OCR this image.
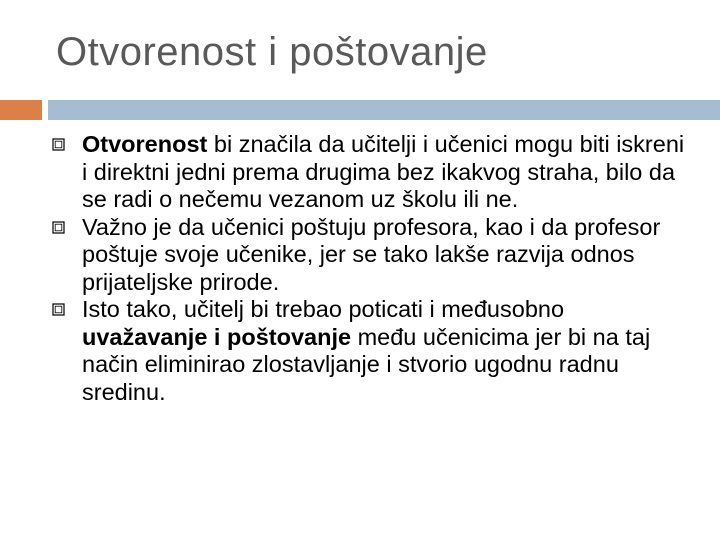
Otvorenost i poštovanje
Otvorenost bi značila da učitelji i učenici mogu biti iskreni i direktni jedni prema drugima bez ikakvog straha, bilo da se radi o nečemu vezanom uz školu ili ne.
Važno je da učenici poštuju profesora, kao i da profesor poštuje svoje učenike, jer se tako lakše razvija odnos prijateljske prirode.
Isto tako, učitelj bi trebao poticati i međusobno uvažavanje i poštovanje među učenicima jer bi na taj način eliminirao zlostavljanje i stvorio ugodnu radnu sredinu.
